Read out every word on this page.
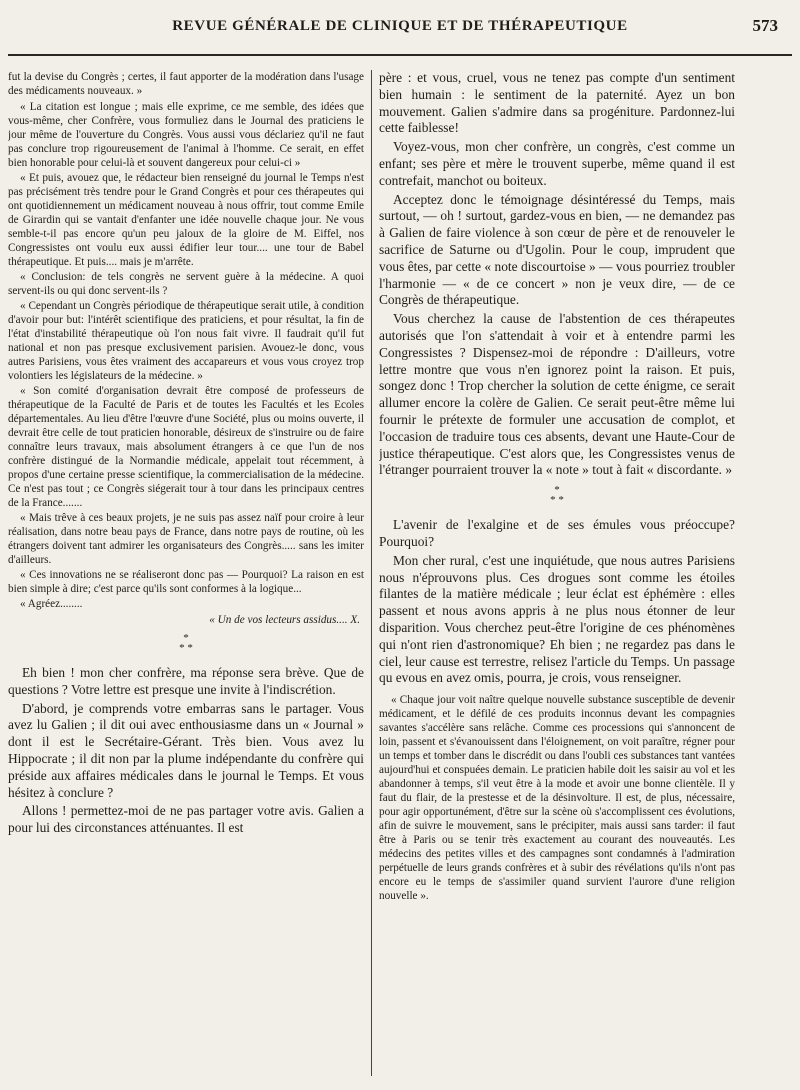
REVUE GÉNÉRALE DE CLINIQUE ET DE THÉRAPEUTIQUE	573

fut la devise du Congrès ; certes, il faut apporter de la modération dans l'usage des médicaments nouveaux. »

« La citation est longue ; mais elle exprime, ce me semble, des idées que vous-même, cher Confrère, vous formuliez dans le Journal des praticiens le jour même de l'ouverture du Congrès. Vous aussi vous déclariez qu'il ne faut pas conclure trop rigoureusement de l'animal à l'homme. Ce serait, en effet bien honorable pour celui-là et souvent dangereux pour celui-ci »

« Et puis, avouez que, le rédacteur bien renseigné du journal le Temps n'est pas précisément très tendre pour le Grand Congrès et pour ces thérapeutes qui ont quotidiennement un médicament nouveau à nous offrir, tout comme Emile de Girardin qui se vantait d'enfanter une idée nouvelle chaque jour. Ne vous semble-t-il pas encore qu'un peu jaloux de la gloire de M. Eiffel, nos Congressistes ont voulu eux aussi édifier leur tour.... une tour de Babel thérapeutique. Et puis.... mais je m'arrête.

« Conclusion: de tels congrès ne servent guère à la médecine. A quoi servent-ils ou qui donc servent-ils ?

« Cependant un Congrès périodique de thérapeutique serait utile, à condition d'avoir pour but: l'intérêt scientifique des praticiens, et pour résultat, la fin de l'état d'instabilité thérapeutique où l'on nous fait vivre. Il faudrait qu'il fut national et non pas presque exclusivement parisien. Avouez-le donc, vous autres Parisiens, vous êtes vraiment des accapareurs et vous vous croyez trop volontiers les législateurs de la médecine. »

« Son comité d'organisation devrait être composé de professeurs de thérapeutique de la Faculté de Paris et de toutes les Facultés et les Ecoles départementales. Au lieu d'être l'œuvre d'une Société, plus ou moins ouverte, il devrait être celle de tout praticien honorable, désireux de s'instruire ou de faire connaître leurs travaux, mais absolument étrangers à ce que l'un de nos confrère distingué de la Normandie médicale, appelait tout récemment, à propos d'une certaine presse scientifique, la commercialisation de la médecine. Ce n'est pas tout ; ce Congrès siégerait tour à tour dans les principaux centres de la France.......

« Mais trêve à ces beaux projets, je ne suis pas assez naïf pour croire à leur réalisation, dans notre beau pays de France, dans notre pays de routine, où les étrangers doivent tant admirer les organisateurs des Congrès..... sans les imiter d'ailleurs.

« Ces innovations ne se réaliseront donc pas — Pourquoi? La raison en est bien simple à dire; c'est parce qu'ils sont conformes à la logique...

« Agréez........

« Un de vos lecteurs assidus.... X.
*
* *

Eh bien ! mon cher confrère, ma réponse sera brève. Que de questions ? Votre lettre est presque une invite à l'indiscrétion.

D'abord, je comprends votre embarras sans le partager. Vous avez lu Galien ; il dit oui avec enthousiasme dans un « Journal » dont il est le Secrétaire-Gérant. Très bien. Vous avez lu Hippocrate ; il dit non par la plume indépendante du confrère qui préside aux affaires médicales dans le journal le Temps. Et vous hésitez à conclure ?

Allons ! permettez-moi de ne pas partager votre avis. Galien a pour lui des circonstances atténuantes. Il est

père : et vous, cruel, vous ne tenez pas compte d'un sentiment bien humain : le sentiment de la paternité. Ayez un bon mouvement. Galien s'admire dans sa progéniture. Pardonnez-lui cette faiblesse!

Voyez-vous, mon cher confrère, un congrès, c'est comme un enfant; ses père et mère le trouvent superbe, même quand il est contrefait, manchot ou boiteux.

Acceptez donc le témoignage désintéressé du Temps, mais surtout, — oh ! surtout, gardez-vous en bien, — ne demandez pas à Galien de faire violence à son cœur de père et de renouveler le sacrifice de Saturne ou d'Ugolin. Pour le coup, imprudent que vous êtes, par cette « note discourtoise » — vous pourriez troubler l'harmonie — « de ce concert » non je veux dire, — de ce Congrès de thérapeutique.

Vous cherchez la cause de l'abstention de ces thérapeutes autorisés que l'on s'attendait à voir et à entendre parmi les Congressistes ? Dispensez-moi de répondre : D'ailleurs, votre lettre montre que vous n'en ignorez point la raison. Et puis, songez donc ! Trop chercher la solution de cette énigme, ce serait allumer encore la colère de Galien. Ce serait peut-être même lui fournir le prétexte de formuler une accusation de complot, et l'occasion de traduire tous ces absents, devant une Haute-Cour de justice thérapeutique. C'est alors que, les Congressistes venus de l'étranger pourraient trouver la « note » tout à fait « discordante. »

*
* *

L'avenir de l'exalgine et de ses émules vous préoccupe? Pourquoi?

Mon cher rural, c'est une inquiétude, que nous autres Parisiens nous n'éprouvons plus. Ces drogues sont comme les étoiles filantes de la matière médicale ; leur éclat est éphémère : elles passent et nous avons appris à ne plus nous étonner de leur disparition. Vous cherchez peut-être l'origine de ces phénomènes qui n'ont rien d'astronomique? Eh bien ; ne regardez pas dans le ciel, leur cause est terrestre, relisez l'article du Temps. Un passage qu evous en avez omis, pourra, je crois, vous renseigner.

« Chaque jour voit naître quelque nouvelle substance susceptible de devenir médicament, et le défilé de ces produits inconnus devant les compagnies savantes s'accélère sans relâche. Comme ces processions qui s'annoncent de loin, passent et s'évanouissent dans l'éloignement, on voit paraître, régner pour un temps et tomber dans le discrédit ou dans l'oubli ces substances tant vantées aujourd'hui et conspuées demain. Le praticien habile doit les saisir au vol et les abandonner à temps, s'il veut être à la mode et avoir une bonne clientèle. Il y faut du flair, de la prestesse et de la désinvolture. Il est, de plus, nécessaire, pour agir opportunément, d'être sur la scène où s'accomplissent ces évolutions, afin de suivre le mouvement, sans le précipiter, mais aussi sans tarder: il faut être à Paris ou se tenir très exactement au courant des nouveautés. Les médecins des petites villes et des campagnes sont condamnés à l'admiration perpétuelle de leurs grands confrères et à subir des révélations qu'ils n'ont pas encore eu le temps de s'assimiler quand survient l'aurore d'une religion nouvelle ».
